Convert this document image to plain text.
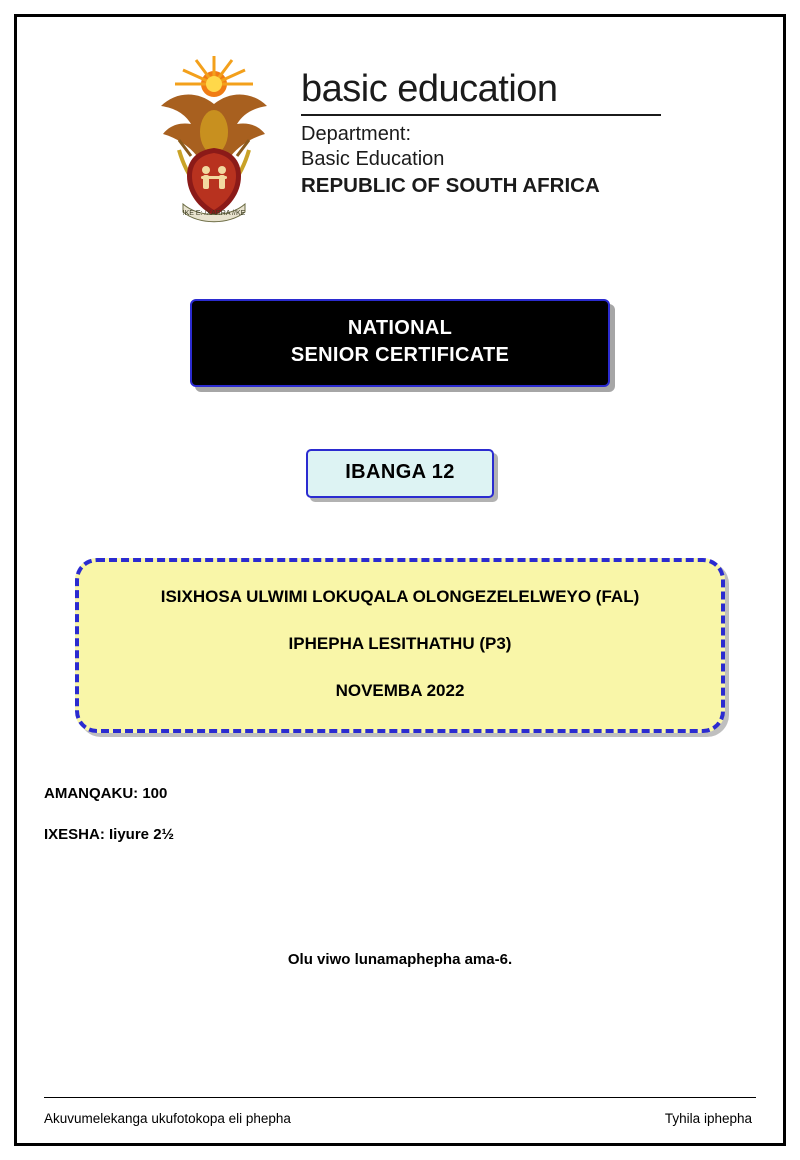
!KE E: /XARRA //KE
basic education
Department:
Basic Education
REPUBLIC OF SOUTH AFRICA
NATIONAL
SENIOR CERTIFICATE
IBANGA 12
ISIXHOSA ULWIMI LOKUQALA OLONGEZELELWEYO (FAL)
IPHEPHA LESITHATHU (P3)
NOVEMBA 2022
AMANQAKU: 100
IXESHA: Iiyure 2½
Olu viwo lunamaphepha ama-6.
Akuvumelekanga ukufotokopa eli phepha	Tyhila iphepha
